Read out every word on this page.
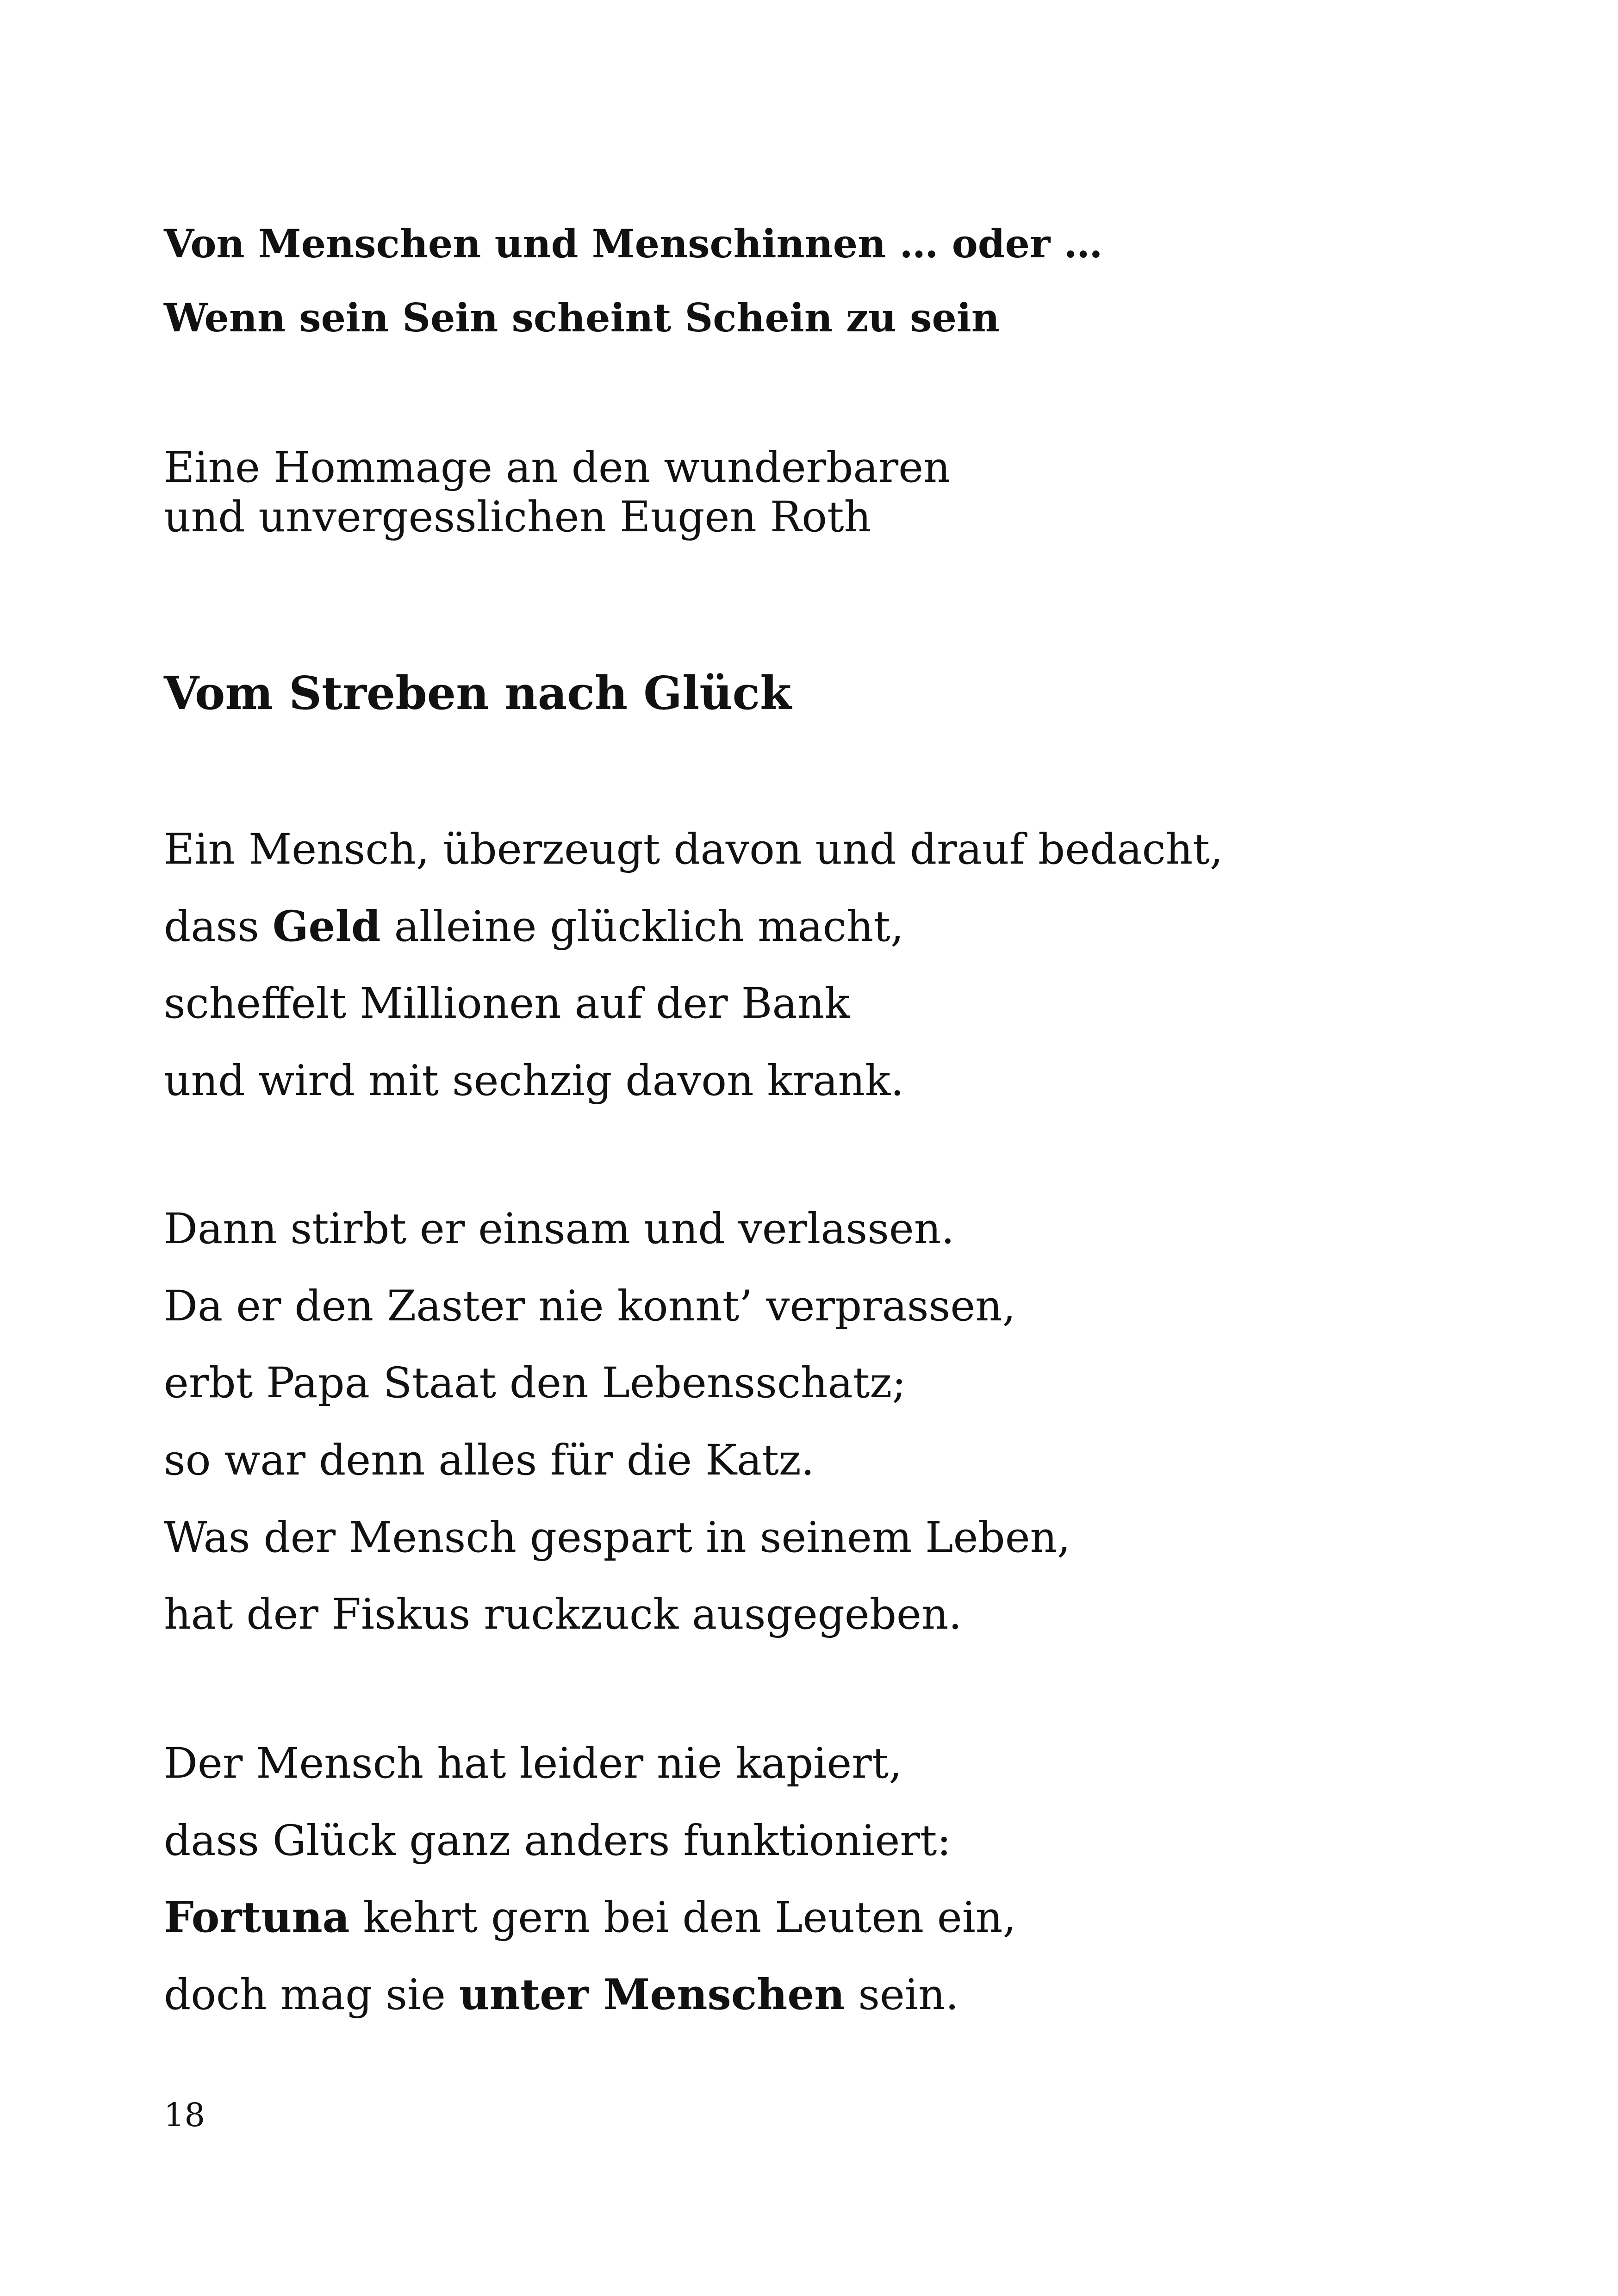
Von Menschen und Menschinnen … oder …
Wenn sein Sein scheint Schein zu sein
Eine Hommage an den wunderbaren
und unvergesslichen Eugen Roth
Vom Streben nach Glück
Ein Mensch, überzeugt davon und drauf bedacht,
dass Geld alleine glücklich macht,
scheffelt Millionen auf der Bank
und wird mit sechzig davon krank.
Dann stirbt er einsam und verlassen.
Da er den Zaster nie konnt’ verprassen,
erbt Papa Staat den Lebensschatz;
so war denn alles für die Katz.
Was der Mensch gespart in seinem Leben,
hat der Fiskus ruckzuck ausgegeben.
Der Mensch hat leider nie kapiert,
dass Glück ganz anders funktioniert:
Fortuna kehrt gern bei den Leuten ein,
doch mag sie unter Menschen sein.
18
